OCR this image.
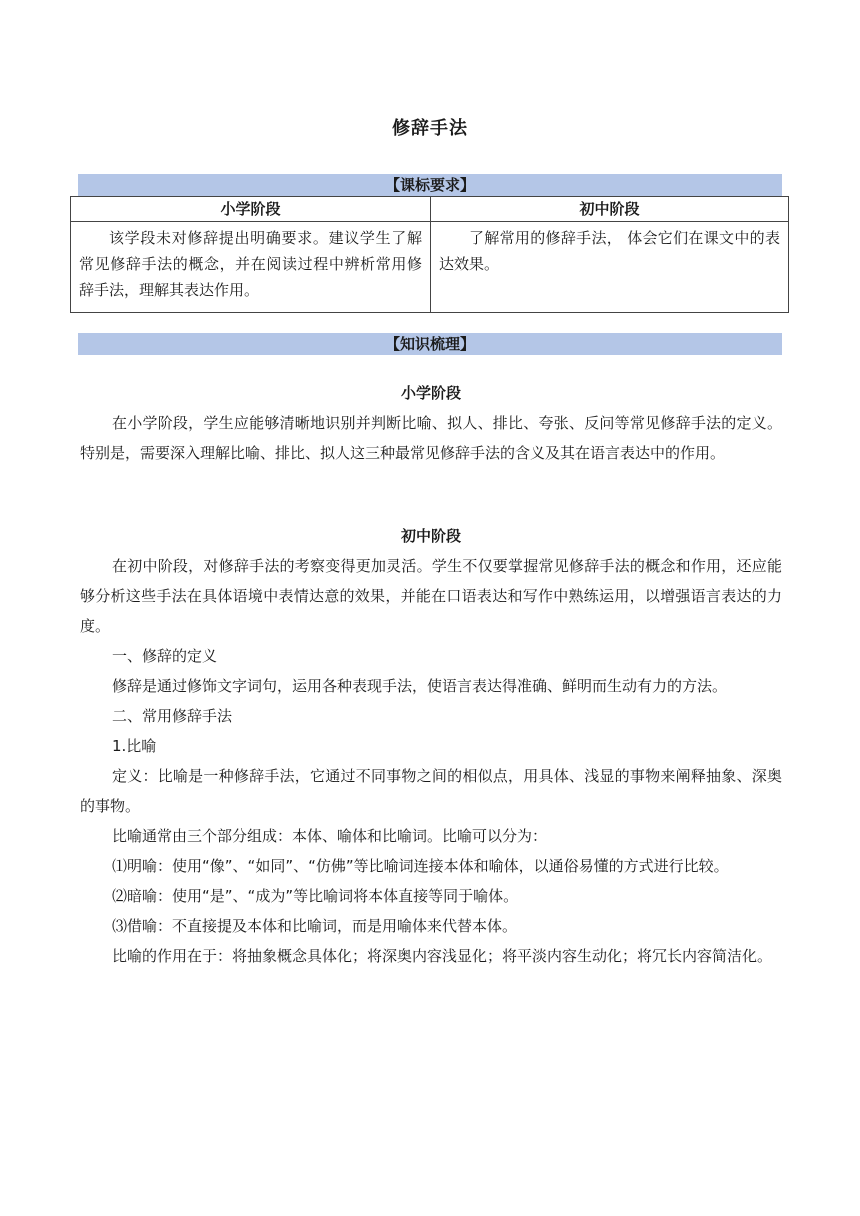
修辞手法
【课标要求】
小学阶段	初中阶段
该学段未对修辞提出明确要求。建议学生了解常见修辞手法的概念，并在阅读过程中辨析常用修辞手法，理解其表达作用。	了解常用的修辞手法， 体会它们在课文中的表达效果。
【知识梳理】
小学阶段

在小学阶段，学生应能够清晰地识别并判断比喻、拟人、排比、夸张、反问等常见修辞手法的定义。特别是，需要深入理解比喻、排比、拟人这三种最常见修辞手法的含义及其在语言表达中的作用。

初中阶段

在初中阶段，对修辞手法的考察变得更加灵活。学生不仅要掌握常见修辞手法的概念和作用，还应能够分析这些手法在具体语境中表情达意的效果，并能在口语表达和写作中熟练运用，以增强语言表达的力度。

一、修辞的定义

修辞是通过修饰文字词句，运用各种表现手法，使语言表达得准确、鲜明而生动有力的方法。

二、常用修辞手法

1.比喻

定义：比喻是一种修辞手法，它通过不同事物之间的相似点，用具体、浅显的事物来阐释抽象、深奥的事物。

比喻通常由三个部分组成：本体、喻体和比喻词。比喻可以分为：

⑴明喻：使用“像”、“如同”、“仿佛”等比喻词连接本体和喻体，以通俗易懂的方式进行比较。

⑵暗喻：使用“是”、“成为”等比喻词将本体直接等同于喻体。

⑶借喻：不直接提及本体和比喻词，而是用喻体来代替本体。

比喻的作用在于：将抽象概念具体化；将深奥内容浅显化；将平淡内容生动化；将冗长内容简洁化。
